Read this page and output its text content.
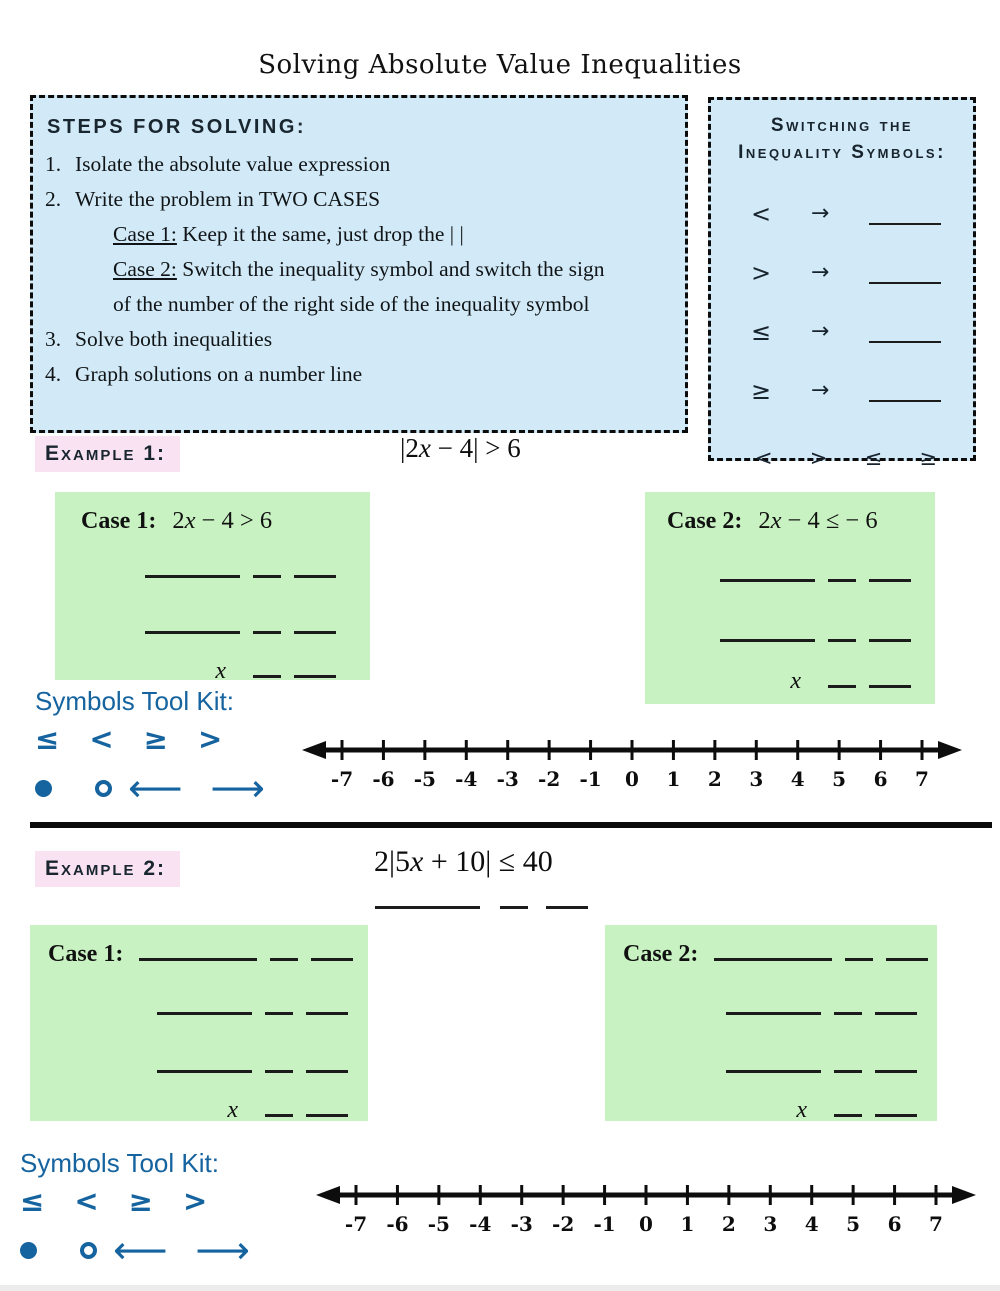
Solving Absolute Value Inequalities
STEPS FOR SOLVING:
1. Isolate the absolute value expression
2. Write the problem in TWO CASES
Case 1: Keep it the same, just drop the | |
Case 2: Switch the inequality symbol and switch the sign
of the number of the right side of the inequality symbol
3. Solve both inequalities
4. Graph solutions on a number line
Switching the
Inequality Symbols:
< →
> →
≤ →
≥ →
< > ≤ ≥
Example 1:	|2x − 4| > 6
Case 1: 2x − 4 > 6
x
Case 2: 2x − 4 ≤ − 6
x
Symbols Tool Kit:
≤ < ≥ >
⟵ ⟶	-7 -6 -5 -4 -3 -2 -1 0 1 2 3 4 5 6 7
Example 2:	2|5x + 10| ≤ 40

Case 1:
x
Case 2:
x
Symbols Tool Kit:
≤ < ≥ >
⟵ ⟶
-7 -6 -5 -4 -3 -2 -1 0 1 2 3 4 5 6 7
